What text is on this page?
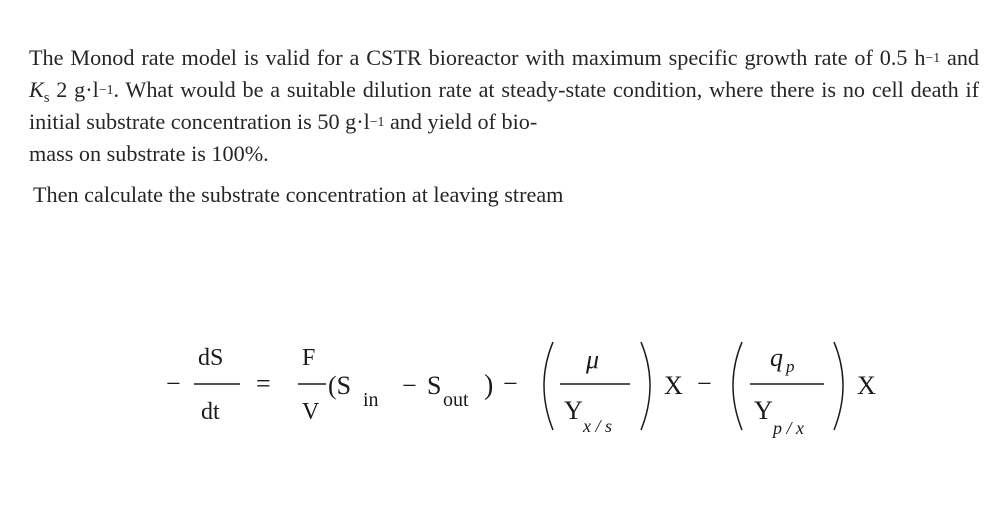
The Monod rate model is valid for a CSTR bioreactor with maximum specific growth rate of 0.5 $h^{-1}$ and $K_s$ 2 $g\cdot l^{-1}$. What would be a suitable dilution rate at steady-state condition, where there is no cell death if initial substrate concentration is 50 $g\cdot l^{-1}$ and yield of bio-
mass on substrate is 100%.

Then calculate the substrate concentration at leaving stream

−
dS
dt
=
F
V
(S in − S out ) −
μ
Y
x / s
X −
q p
Y
p / x
X
